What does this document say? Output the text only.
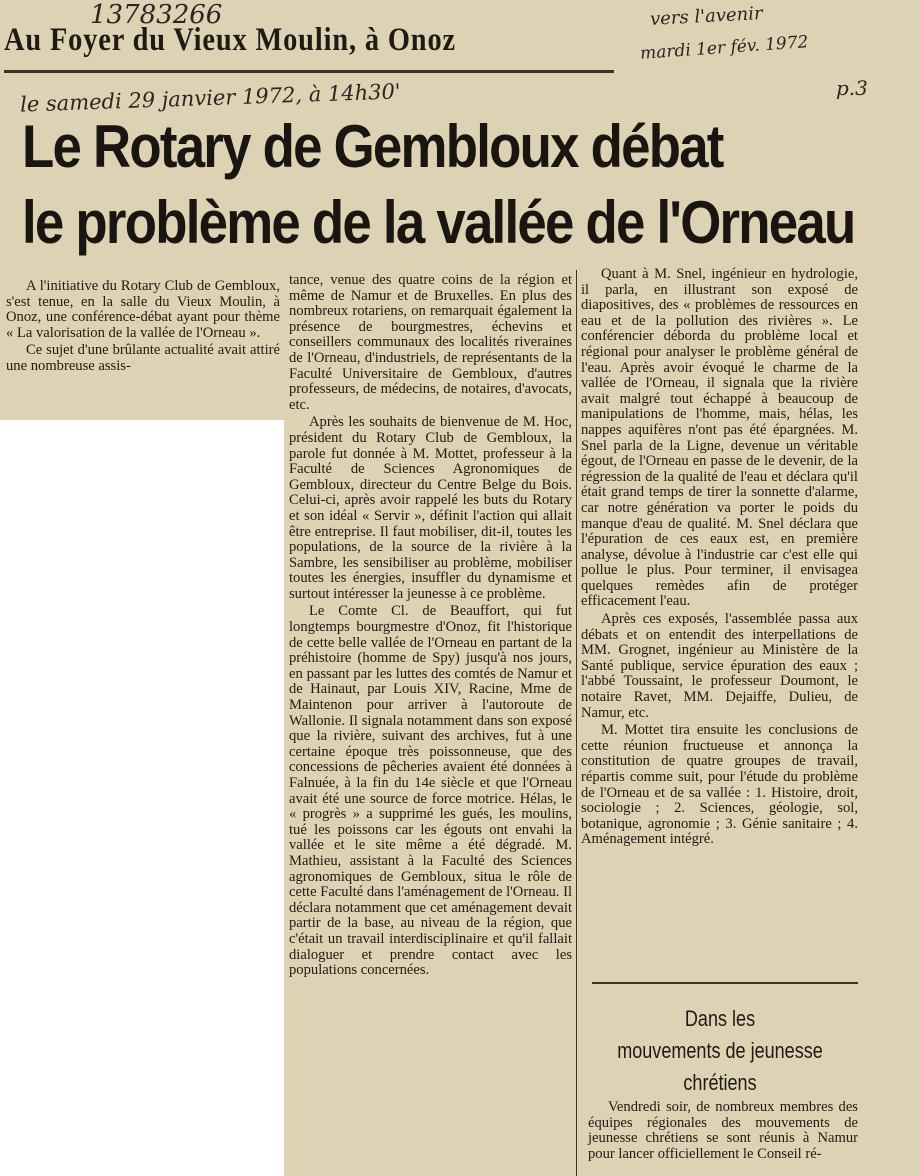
13783266	vers l'avenir
mardi 1er fév. 1972
p.3
Au Foyer du Vieux Moulin, à Onoz
le samedi 29 janvier 1972, à 14h30'
Le Rotary de Gembloux débat
le problème de la vallée de l'Orneau

A l'initiative du Rotary Club de Gembloux, s'est tenue, en la salle du Vieux Moulin, à Onoz, une conférence-débat ayant pour thème « La valorisation de la vallée de l'Orneau ».

Ce sujet d'une brûlante actualité avait attiré une nombreuse assis-

tance, venue des quatre coins de la région et même de Namur et de Bruxelles. En plus des nombreux rotariens, on remarquait également la présence de bourgmestres, échevins et conseillers communaux des localités riveraines de l'Orneau, d'industriels, de représentants de la Faculté Universitaire de Gembloux, d'autres professeurs, de médecins, de notaires, d'avocats, etc.

Après les souhaits de bienvenue de M. Hoc, président du Rotary Club de Gembloux, la parole fut donnée à M. Mottet, professeur à la Faculté de Sciences Agronomiques de Gembloux, directeur du Centre Belge du Bois. Celui-ci, après avoir rappelé les buts du Rotary et son idéal « Servir », définit l'action qui allait être entreprise. Il faut mobiliser, dit-il, toutes les populations, de la source de la rivière à la Sambre, les sensibiliser au problème, mobiliser toutes les énergies, insuffler du dynamisme et surtout intéresser la jeunesse à ce problème.

Le Comte Cl. de Beauffort, qui fut longtemps bourgmestre d'Onoz, fit l'historique de cette belle vallée de l'Orneau en partant de la préhistoire (homme de Spy) jusqu'à nos jours, en passant par les luttes des comtés de Namur et de Hainaut, par Louis XIV, Racine, Mme de Maintenon pour arriver à l'autoroute de Wallonie. Il signala notamment dans son exposé que la rivière, suivant des archives, fut à une certaine époque très poissonneuse, que des concessions de pêcheries avaient été données à Falnuée, à la fin du 14e siècle et que l'Orneau avait été une source de force motrice. Hélas, le « progrès » a supprimé les gués, les moulins, tué les poissons car les égouts ont envahi la vallée et le site même a été dégradé. M. Mathieu, assistant à la Faculté des Sciences agronomiques de Gembloux, situa le rôle de cette Faculté dans l'aménagement de l'Orneau. Il déclara notamment que cet aménagement devait partir de la base, au niveau de la région, que c'était un travail interdisciplinaire et qu'il fallait dialoguer et prendre contact avec les populations concernées.

Quant à M. Snel, ingénieur en hydrologie, il parla, en illustrant son exposé de diapositives, des « problèmes de ressources en eau et de la pollution des rivières ». Le conférencier déborda du problème local et régional pour analyser le problème général de l'eau. Après avoir évoqué le charme de la vallée de l'Orneau, il signala que la rivière avait malgré tout échappé à beaucoup de manipulations de l'homme, mais, hélas, les nappes aquifères n'ont pas été épargnées. M. Snel parla de la Ligne, devenue un véritable égout, de l'Orneau en passe de le devenir, de la régression de la qualité de l'eau et déclara qu'il était grand temps de tirer la sonnette d'alarme, car notre génération va porter le poids du manque d'eau de qualité. M. Snel déclara que l'épuration de ces eaux est, en première analyse, dévolue à l'industrie car c'est elle qui pollue le plus. Pour terminer, il envisagea quelques remèdes afin de protéger efficacement l'eau.

Après ces exposés, l'assemblée passa aux débats et on entendit des interpellations de MM. Grognet, ingénieur au Ministère de la Santé publique, service épuration des eaux ; l'abbé Toussaint, le professeur Doumont, le notaire Ravet, MM. Dejaiffe, Dulieu, de Namur, etc.

M. Mottet tira ensuite les conclusions de cette réunion fructueuse et annonça la constitution de quatre groupes de travail, répartis comme suit, pour l'étude du problème de l'Orneau et de sa vallée : 1. Histoire, droit, sociologie ; 2. Sciences, géologie, sol, botanique, agronomie ; 3. Génie sanitaire ; 4. Aménagement intégré.

Dans les
mouvements de jeunesse
chrétiens

Vendredi soir, de nombreux membres des équipes régionales des mouvements de jeunesse chrétiens se sont réunis à Namur pour lancer officiellement le Conseil ré-
